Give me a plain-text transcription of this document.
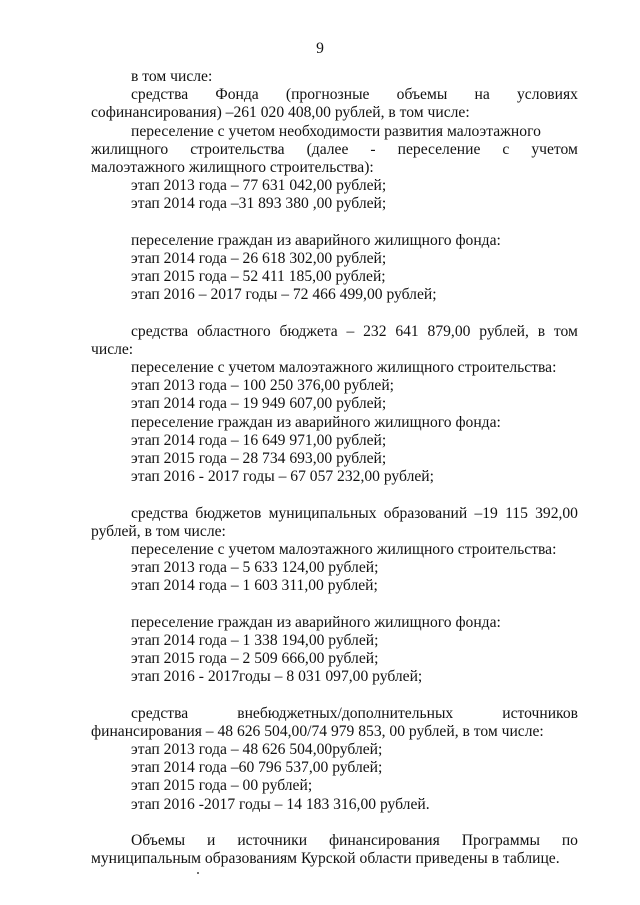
9
в том числе:
средства Фонда (прогнозные объемы на условиях
софинансирования) –261 020 408,00 рублей, в том числе:
переселение с учетом необходимости развития малоэтажного
жилищного строительства (далее - переселение с учетом
малоэтажного жилищного строительства):
этап 2013 года – 77 631 042,00 рублей;
этап 2014 года –31 893 380 ,00 рублей;
переселение граждан из аварийного жилищного фонда:
этап 2014 года – 26 618 302,00 рублей;
этап 2015 года – 52 411 185,00 рублей;
этап 2016 – 2017 годы – 72 466 499,00 рублей;
средства областного бюджета – 232 641 879,00 рублей, в том
числе:
переселение с учетом малоэтажного жилищного строительства:
этап 2013 года – 100 250 376,00 рублей;
этап 2014 года – 19 949 607,00 рублей;
переселение граждан из аварийного жилищного фонда:
этап 2014 года – 16 649 971,00 рублей;
этап 2015 года – 28 734 693,00 рублей;
этап 2016 - 2017 годы – 67 057 232,00 рублей;
средства бюджетов муниципальных образований –19 115 392,00
рублей, в том числе:
переселение с учетом малоэтажного жилищного строительства:
этап 2013 года – 5 633 124,00 рублей;
этап 2014 года – 1 603 311,00 рублей;
переселение граждан из аварийного жилищного фонда:
этап 2014 года – 1 338 194,00 рублей;
этап 2015 года – 2 509 666,00 рублей;
этап 2016 - 2017годы – 8 031 097,00 рублей;
средства	внебюджетных/дополнительных	источников
финансирования – 48 626 504,00/74 979 853, 00 рублей, в том числе:
этап 2013 года – 48 626 504,00рублей;
этап 2014 года –60 796 537,00 рублей;
этап 2015 года – 00 рублей;
этап 2016 -2017 годы – 14 183 316,00 рублей.
Объемы и источники финансирования Программы по
муниципальным образованиям Курской области приведены в таблице.
